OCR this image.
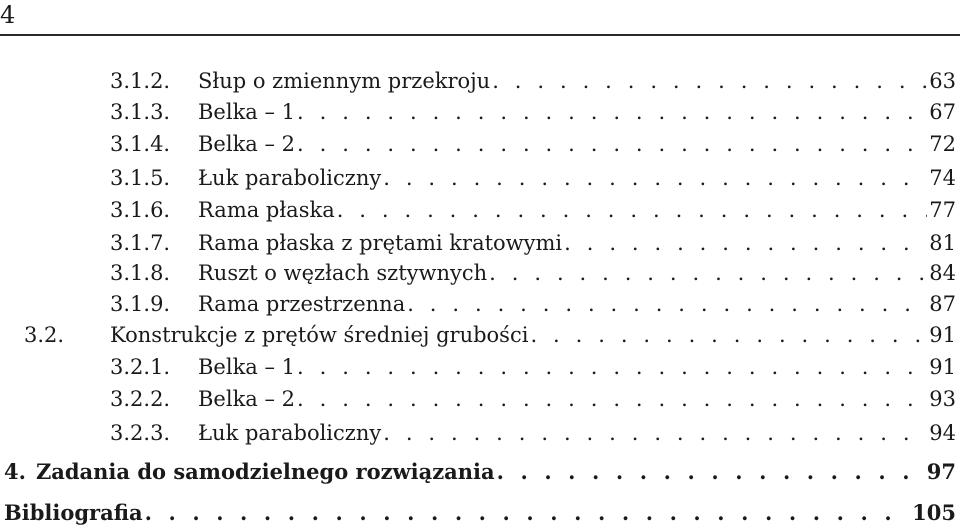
4
3.1.2.	Słup o zmiennym przekroju . . .	63
3.1.3.	Belka – 1 . . .	67
3.1.4.	Belka – 2 . . .	72
3.1.5.	Łuk paraboliczny . . .	74
3.1.6.	Rama płaska . . .	77
3.1.7.	Rama płaska z prętami kratowymi . . .	81
3.1.8.	Ruszt o węzłach sztywnych . . .	84
3.1.9.	Rama przestrzenna . . .	87
3.2.	Konstrukcje z prętów średniej grubości . . .	91
3.2.1.	Belka – 1 . . .	91
3.2.2.	Belka – 2 . . .	93
3.2.3.	Łuk paraboliczny . . .	94
4. Zadania do samodzielnego rozwiązania . . .	97
Bibliografia . . .	105
